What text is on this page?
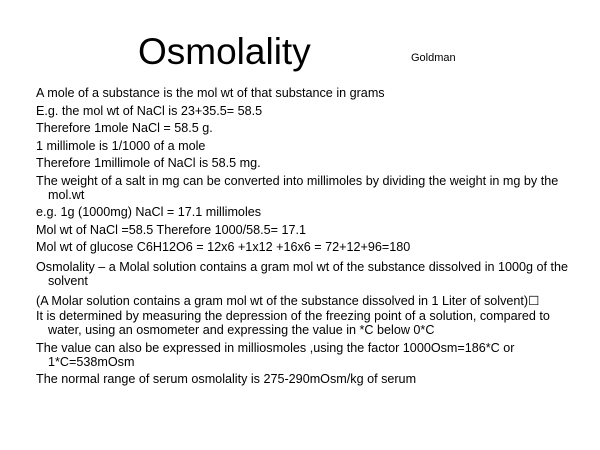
Osmolality	Goldman
A mole of a substance is the mol wt of that substance in grams
E.g. the mol wt of NaCl is 23+35.5= 58.5
Therefore 1mole NaCl = 58.5 g.
1 millimole is 1/1000 of a mole
Therefore 1millimole of NaCl is 58.5 mg.
The weight of a salt in mg can be converted into millimoles by dividing the weight in mg by the mol.wt
e.g. 1g (1000mg) NaCl = 17.1 millimoles
Mol wt of NaCl =58.5 Therefore 1000/58.5= 17.1
Mol wt of glucose C6H12O6 = 12x6 +1x12 +16x6 = 72+12+96=180
Osmolality – a Molal solution contains a gram mol wt of the substance dissolved in 1000g of the solvent
(A Molar solution contains a gram mol wt of the substance dissolved in 1 Liter of solvent)☐
It is determined by measuring the depression of the freezing point of a solution, compared to water, using an osmometer and expressing the value in *C below 0*C
The value can also be expressed in milliosmoles ,using the factor 1000Osm=186*C or 1*C=538mOsm
The normal range of serum osmolality is 275-290mOsm/kg of serum
